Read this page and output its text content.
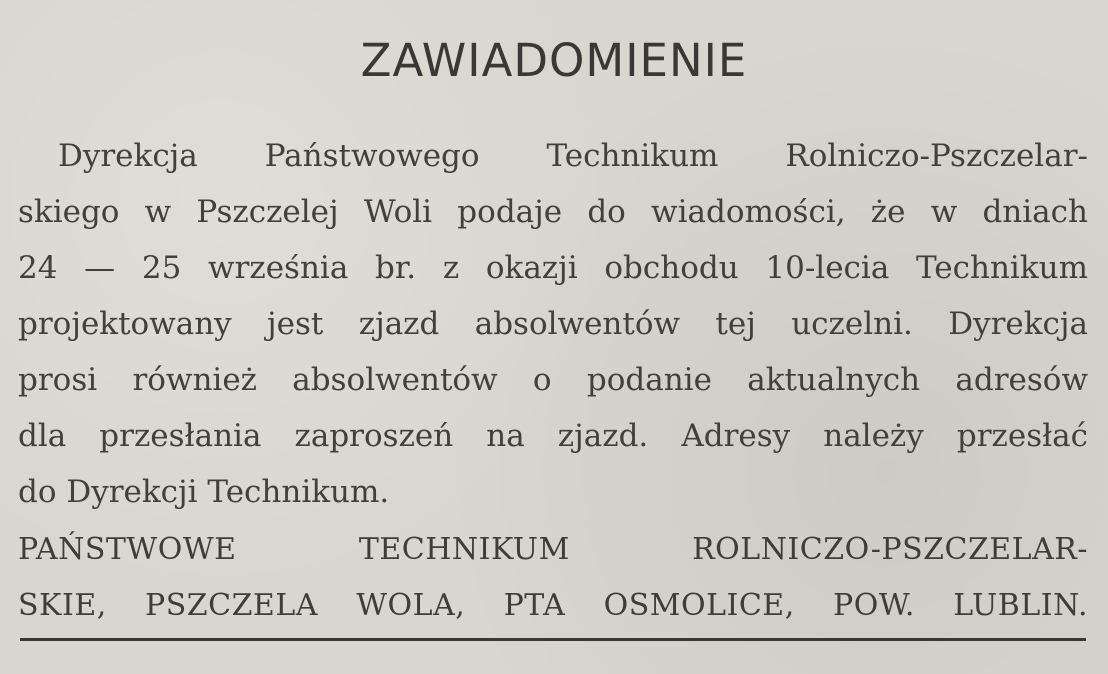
ZAWIADOMIENIE
Dyrekcja Państwowego Technikum Rolniczo-Pszczelar-
skiego w Pszczelej Woli podaje do wiadomości, że w dniach
24 — 25 września br. z okazji obchodu 10-lecia Technikum
projektowany jest zjazd absolwentów tej uczelni. Dyrekcja
prosi również absolwentów o podanie aktualnych adresów
dla przesłania zaproszeń na zjazd. Adresy należy przesłać
do Dyrekcji Technikum.
PAŃSTWOWE TECHNIKUM ROLNICZO-PSZCZELAR-
SKIE, PSZCZELA WOLA, PTA OSMOLICE, POW. LUBLIN.
